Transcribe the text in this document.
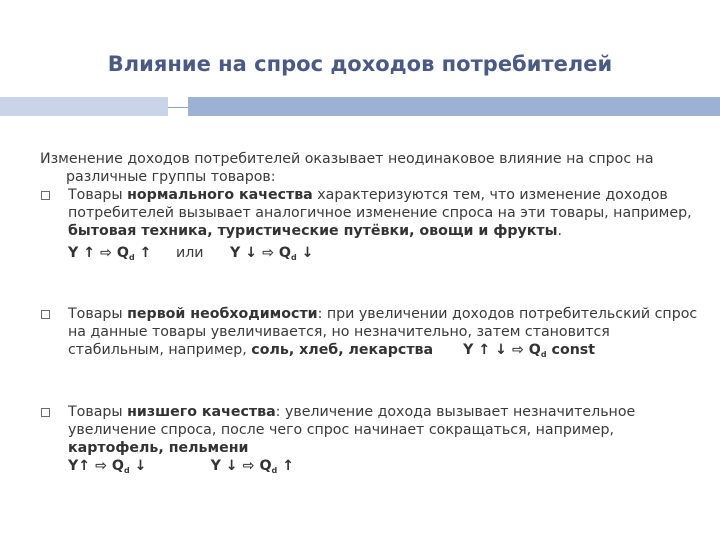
Влияние на спрос доходов потребителей

Изменение доходов потребителей оказывает неодинаковое влияние на спрос на различные группы товаров:

Товары нормального качества характеризуются тем, что изменение доходов потребителей вызывает аналогичное изменение спроса на эти товары, например, бытовая техника, туристические путёвки, овощи и фрукты.
Y ↑ ⇨ $Q_d$ ↑ или Y ↓ ⇨ $Q_d$ ↓
Товары первой необходимости: при увеличении доходов потребительский спрос на данные товары увеличивается, но незначительно, затем становится стабильным, например, соль, хлеб, лекарства Y ↑ ↓ ⇨ $Q_d$ const
Товары низшего качества: увеличение дохода вызывает незначительное увеличение спроса, после чего спрос начинает сокращаться, например,
картофель, пельмени
Y↑ ⇨ $Q_d$ ↓	Y ↓ ⇨ $Q_d$ ↑
